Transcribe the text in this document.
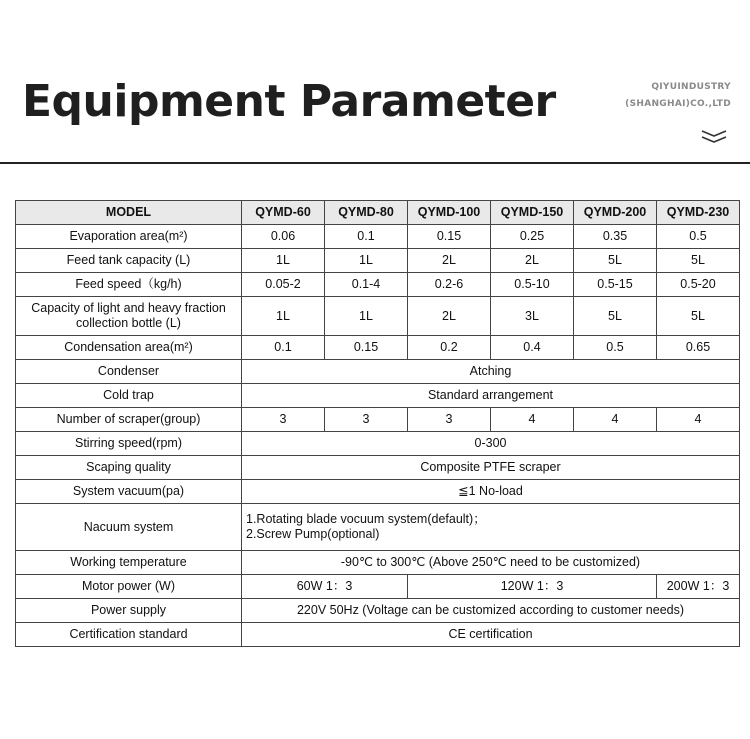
Equipment Parameter	QIYUINDUSTRY
(SHANGHAI)CO.,LTD
MODEL	QYMD-60	QYMD-80	QYMD-100	QYMD-150	QYMD-200	QYMD-230
Evaporation area(m²)	0.06	0.1	0.15	0.25	0.35	0.5
Feed tank capacity (L)	1L	1L	2L	2L	5L	5L
Feed speed（kg/h)	0.05-2	0.1-4	0.2-6	0.5-10	0.5-15	0.5-20
Capacity of light and heavy fraction collection bottle (L)	1L	1L	2L	3L	5L	5L
Condensation area(m²)	0.1	0.15	0.2	0.4	0.5	0.65
Condenser	Atching					
Cold trap	Standard arrangement					
Number of scraper(group)	3	3	3	4	4	4
Stirring speed(rpm)	0-300					
Scaping quality	Composite PTFE scraper					
System vacuum(pa)	≦1 No-load					
Nacuum system	1.Rotating blade vocuum system(default)；
2.Screw Pump(optional)					

Working temperature	-90℃ to 300℃ (Above 250℃ need to be customized)					
Motor power (W)	60W 1：3		120W 1：3			200W 1：3
Power supply	220V 50Hz (Voltage can be customized according to customer needs)					
Certification standard	CE certification					
